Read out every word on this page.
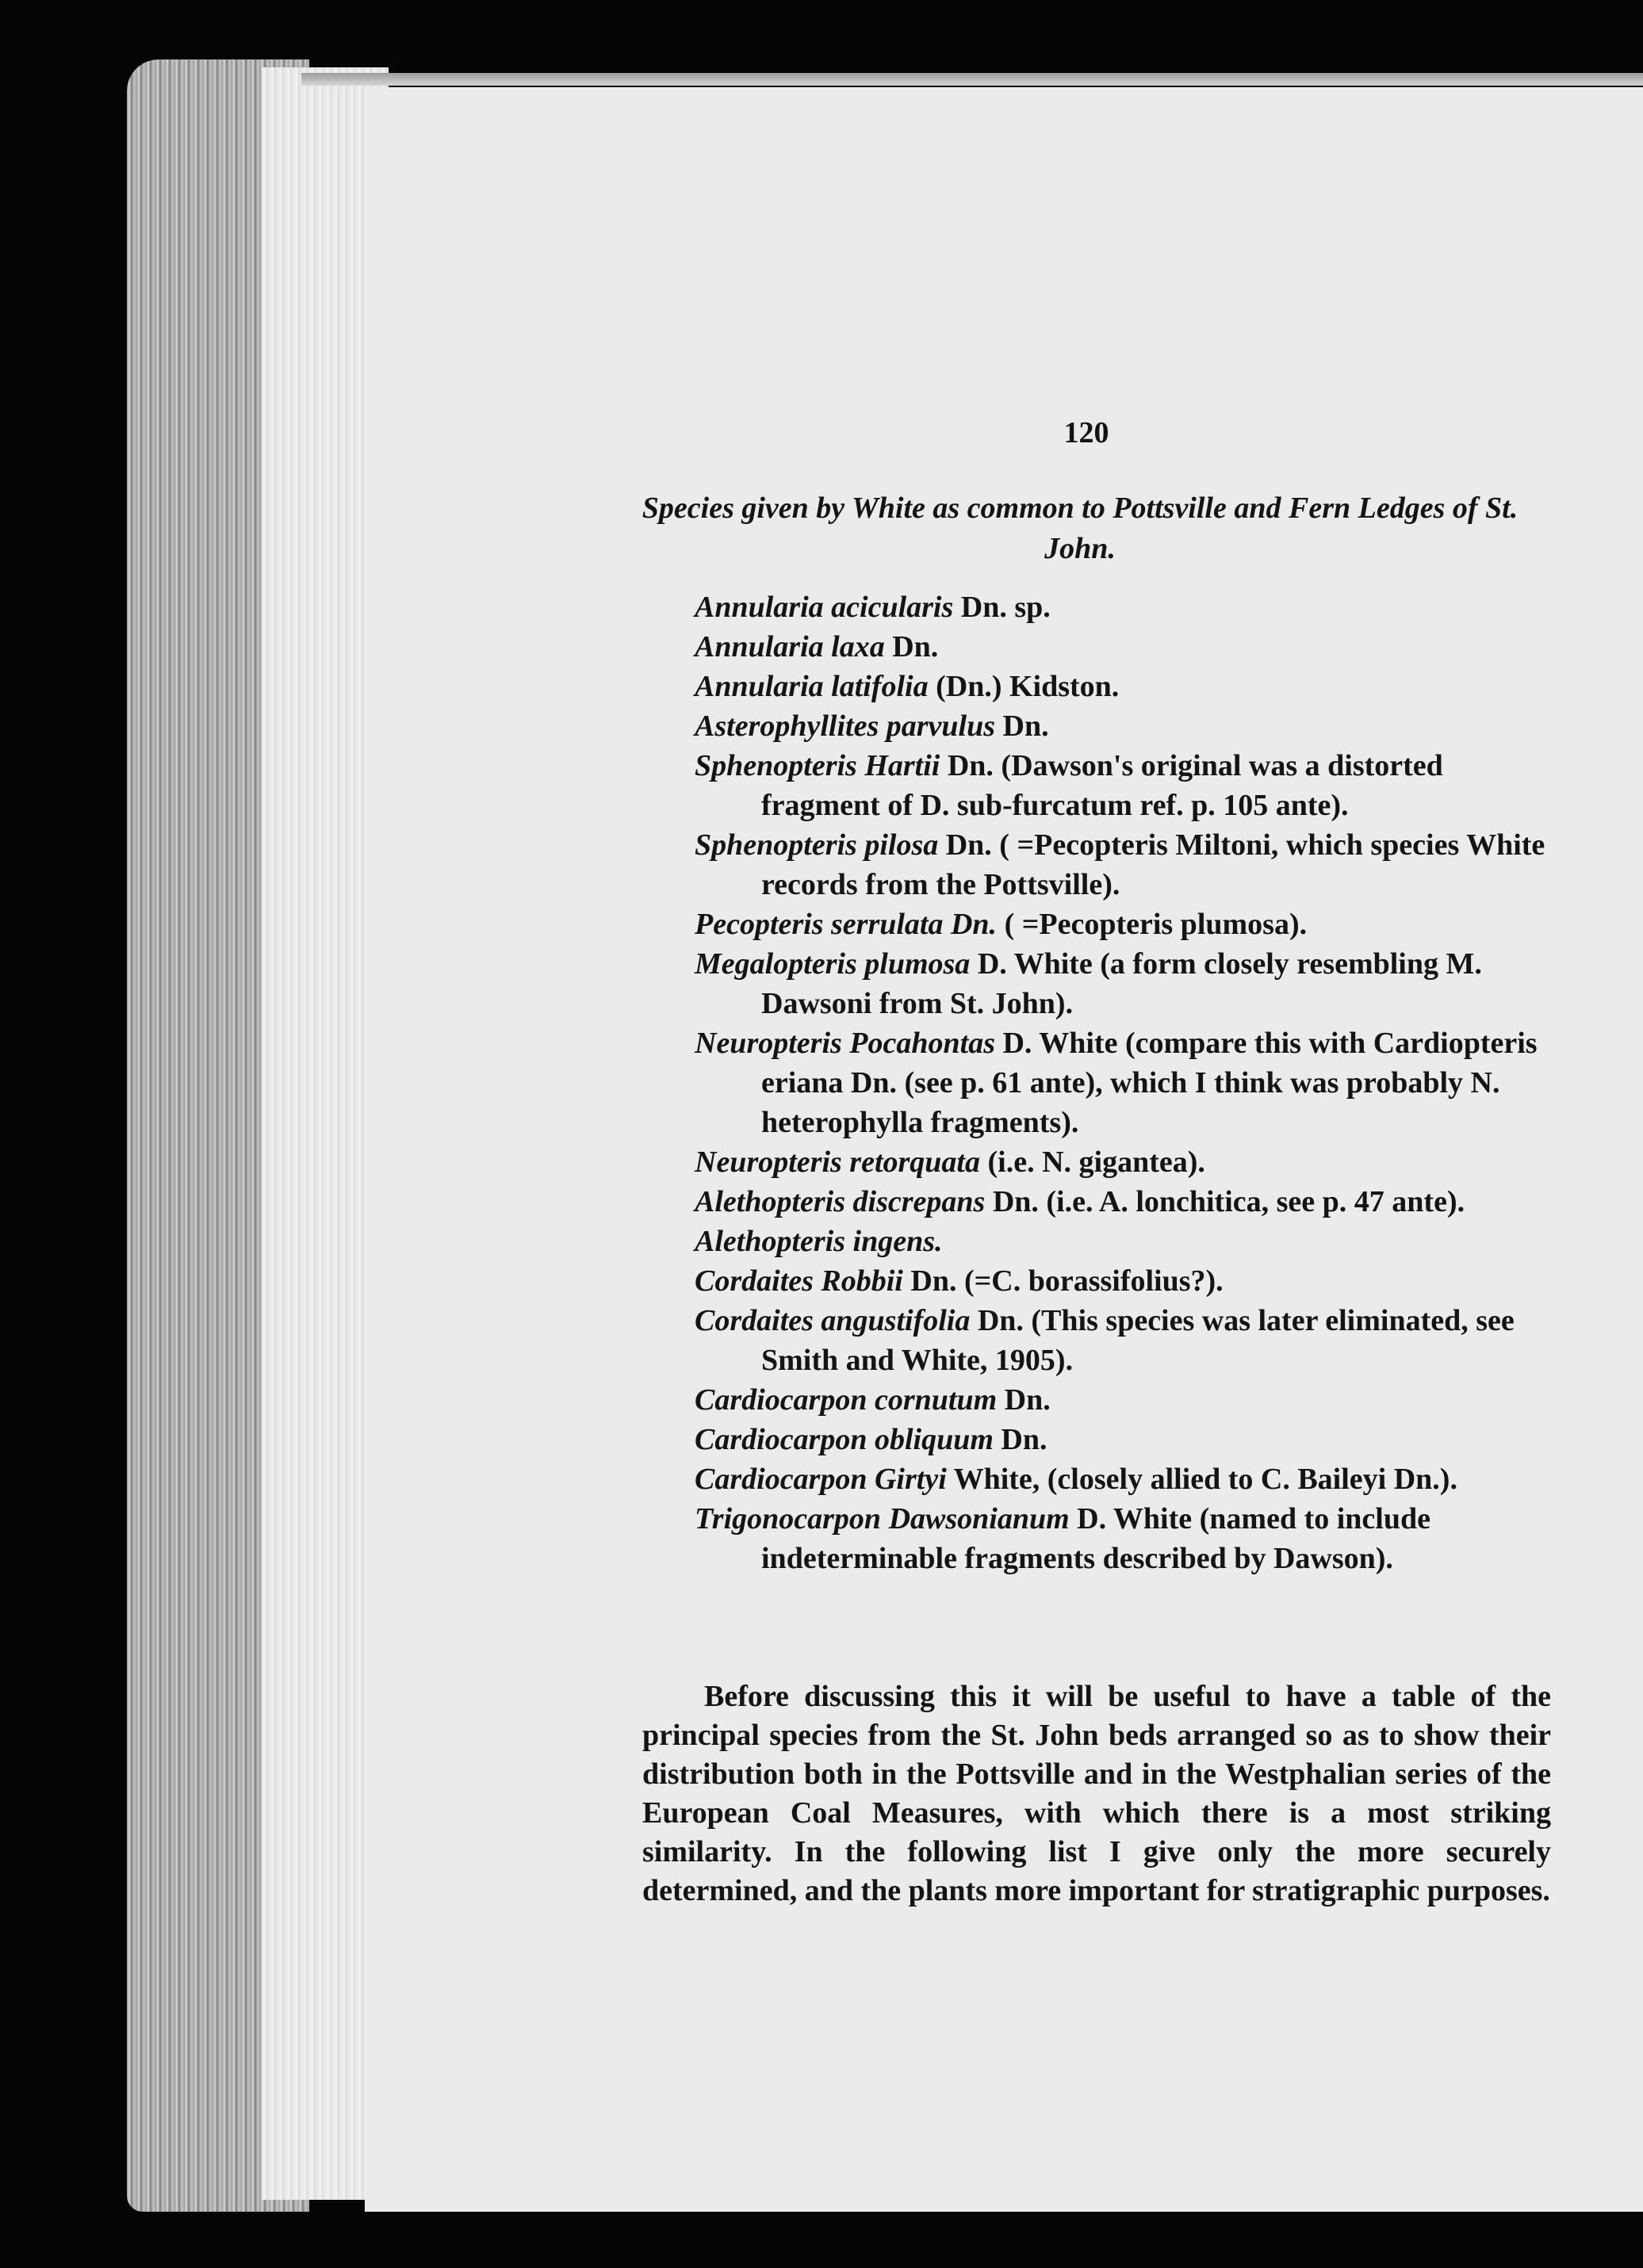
120
Species given by White as common to Pottsville and Fern Ledges of St. John.
Annularia acicularis Dn. sp.
Annularia laxa Dn.
Annularia latifolia (Dn.) Kidston.
Asterophyllites parvulus Dn.
Sphenopteris Hartii Dn. (Dawson's original was a distorted fragment of D. sub-furcatum ref. p. 105 ante).
Sphenopteris pilosa Dn. ( =Pecopteris Miltoni, which species White records from the Pottsville).
Pecopteris serrulata Dn. ( =Pecopteris plumosa).
Megalopteris plumosa D. White (a form closely resembling M. Dawsoni from St. John).
Neuropteris Pocahontas D. White (compare this with Cardiopteris eriana Dn. (see p. 61 ante), which I think was probably N. heterophylla fragments).
Neuropteris retorquata (i.e. N. gigantea).
Alethopteris discrepans Dn. (i.e. A. lonchitica, see p. 47 ante).
Alethopteris ingens.
Cordaites Robbii Dn. (=C. borassifolius?).
Cordaites angustifolia Dn. (This species was later eliminated, see Smith and White, 1905).
Cardiocarpon cornutum Dn.
Cardiocarpon obliquum Dn.
Cardiocarpon Girtyi White, (closely allied to C. Baileyi Dn.).
Trigonocarpon Dawsonianum D. White (named to include indeterminable fragments described by Dawson).
Before discussing this it will be useful to have a table of the principal species from the St. John beds arranged so as to show their distribution both in the Pottsville and in the Westphalian series of the European Coal Measures, with which there is a most striking similarity. In the following list I give only the more securely determined, and the plants more important for stratigraphic purposes.
